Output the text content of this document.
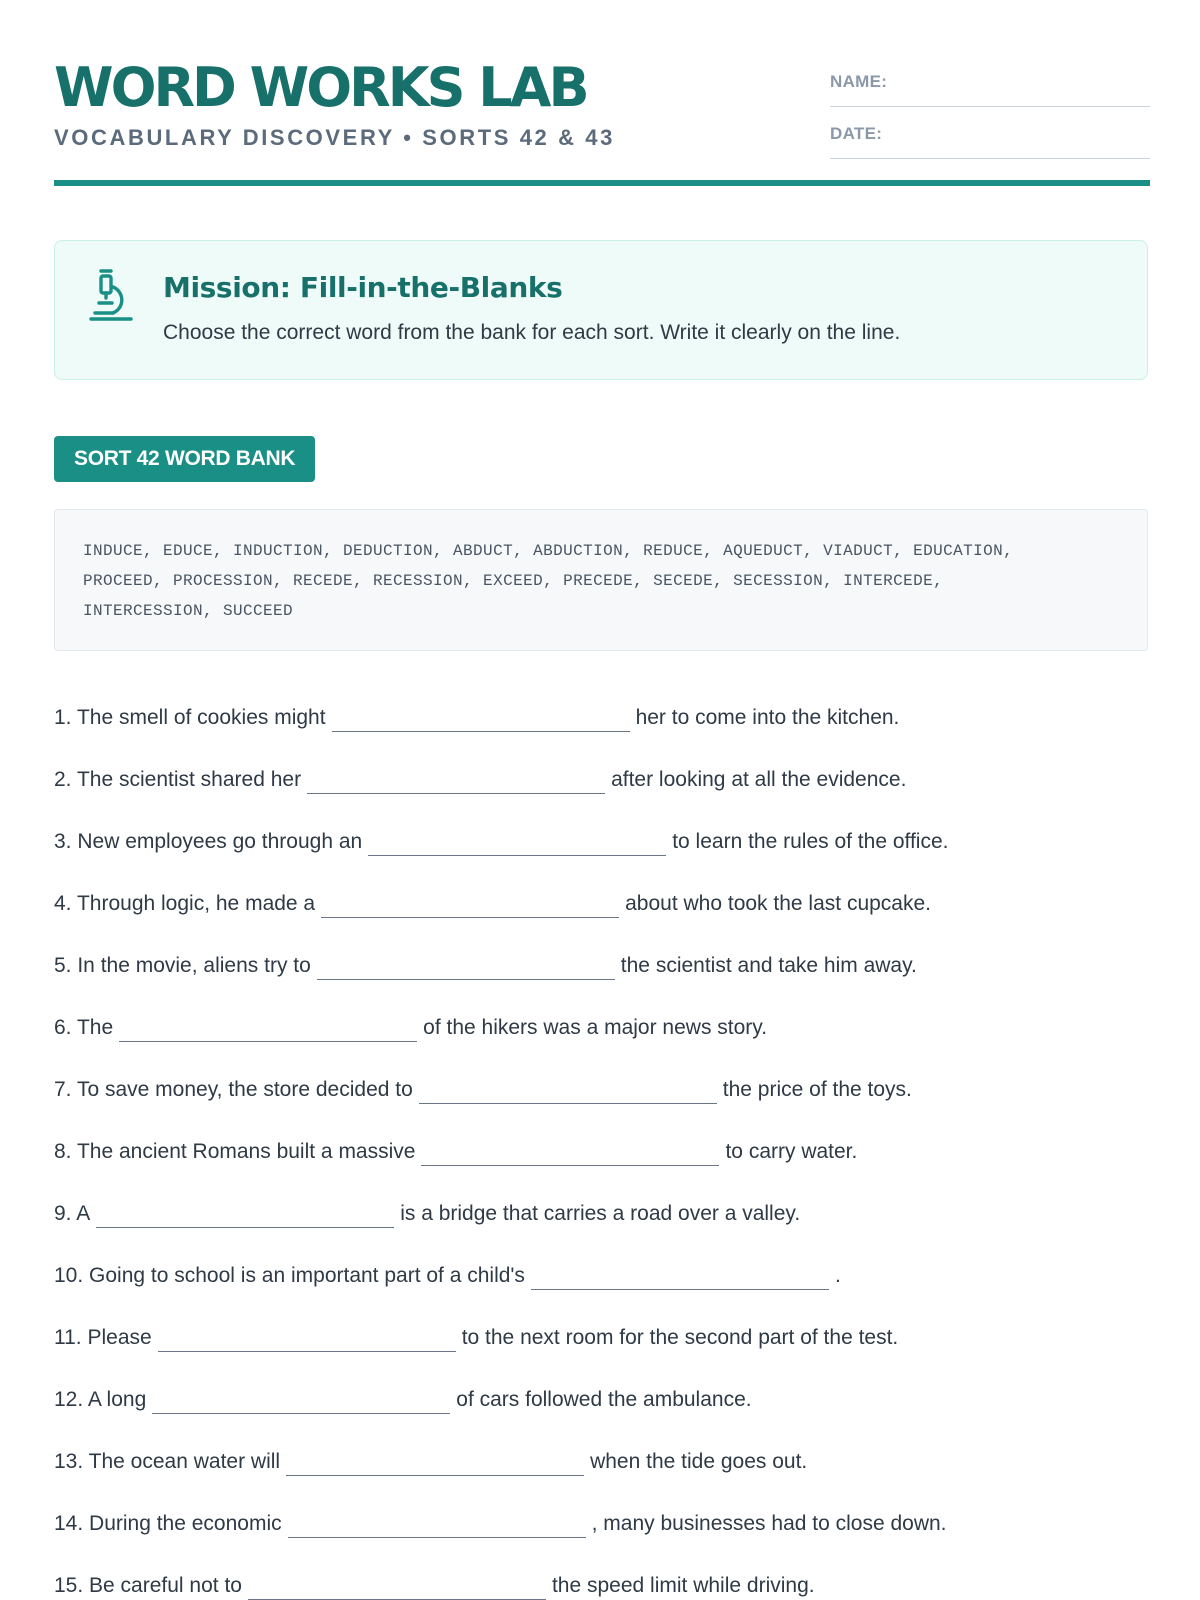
WORD WORKS LAB
VOCABULARY DISCOVERY • SORTS 42 & 43
NAME:
DATE:
Mission: Fill-in-the-Blanks
Choose the correct word from the bank for each sort. Write it clearly on the line.
SORT 42 WORD BANK
INDUCE, EDUCE, INDUCTION, DEDUCTION, ABDUCT, ABDUCTION, REDUCE, AQUEDUCT, VIADUCT, EDUCATION,
PROCEED, PROCESSION, RECEDE, RECESSION, EXCEED, PRECEDE, SECEDE, SECESSION, INTERCEDE,
INTERCESSION, SUCCEED
1. The smell of cookies might	her to come into the kitchen.
2. The scientist shared her	after looking at all the evidence.
3. New employees go through an	to learn the rules of the office.
4. Through logic, he made a	about who took the last cupcake.
5. In the movie, aliens try to	the scientist and take him away.
6. The	of the hikers was a major news story.
7. To save money, the store decided to	the price of the toys.
8. The ancient Romans built a massive	to carry water.
9. A	is a bridge that carries a road over a valley.
10. Going to school is an important part of a child's	.
11. Please	to the next room for the second part of the test.
12. A long	of cars followed the ambulance.
13. The ocean water will	when the tide goes out.
14. During the economic	, many businesses had to close down.
15. Be careful not to	the speed limit while driving.
